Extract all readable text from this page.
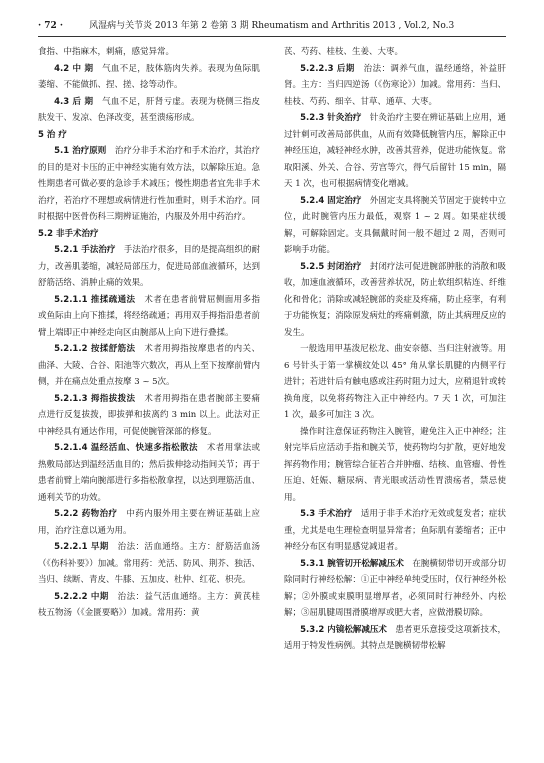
· 72 ·	风湿病与关节炎 2013 年第 2 卷第 3 期 Rheumatism and Arthritis 2013 , Vol.2, No.3

食指、中指麻木，刺痛，感觉异常。

4.2 中 期  气血不足，肢体筋肉失养。表现为鱼际肌萎缩、不能做抓、捏、搓、捻等动作。

4.3 后 期  气血不足，肝肾亏虚。表现为桡侧三指皮肤发干、发凉、色泽改变，甚至溃疡形成。

5 治 疗

5.1 治疗原则  治疗分非手术治疗和手术治疗，其治疗的目的是对卡压的正中神经实施有效方法，以解除压迫。急性期患者可做必要的急诊手术减压；慢性期患者宜先非手术治疗，若治疗不理想或病情进行性加重时，则手术治疗。同时根据中医骨伤科三期辨证施治，内服及外用中药治疗。

5.2 非手术治疗

5.2.1 手法治疗  手法治疗很多，目的是提高组织的耐力，改善肌萎缩，减轻局部压力，促进局部血液循环，达到舒筋活络、消肿止痛的效果。

5.2.1.1 推揉疏通法  术者在患者前臂屈侧面用多指或鱼际由上向下推揉，将经络疏通；再用双手拇指沿患者前臂上端即正中神经走向区由腕部从上向下进行叠揉。

5.2.1.2 按揉舒筋法  术者用拇指按摩患者的内关、曲泽、大陵、合谷、阳池等穴数次，再从上至下按摩前臂内侧，并在痛点处重点按摩 3 ~ 5次。

5.2.1.3 拇指拔拨法  术者用拇指在患者腕部主要痛点进行反复拔拨，即拔弹和拔离约 3 min 以上。此法对正中神经具有通达作用，可促使腕管深部的修复。

5.2.1.4 温经活血、快速多指松散法  术者用掌法或热敷局部达到温经活血目的；然后拔伸捻动指间关节；再于患者前臂上端向腕部进行多指松散拿捏，以达到理筋活血、通利关节的功效。

5.2.2 药物治疗  中药内服外用主要在辨证基础上应用，治疗注意以通为用。

5.2.2.1 早期  治法：活血通络。主方：舒筋活血汤（《伤科补要》）加减。常用药：羌活、防风、荆芥、独活、当归、续断、青皮、牛膝、五加皮、杜仲、红花、枳壳。

5.2.2.2 中期  治法：益气活血通络。主方：黄芪桂枝五物汤（《金匮要略》）加减。常用药：黄

芪、芍药、桂枝、生姜、大枣。

5.2.2.3 后期  治法：调养气血，温经通络，补益肝肾。主方：当归四逆汤（《伤寒论》）加减。常用药：当归、桂枝、芍药、细辛、甘草、通草、大枣。

5.2.3 针灸治疗  针灸治疗主要在辨证基础上应用，通过针刺可改善局部供血，从而有效降低腕管内压，解除正中神经压迫，减轻神经水肿，改善其营养，促进功能恢复。常取阳溪、外关、合谷、劳宫等穴，得气后留针 15 min，隔天 1 次，也可根据病情变化增减。

5.2.4 固定治疗  外固定支具将腕关节固定于旋转中立位，此时腕管内压力最低，观察 1 ~ 2 周。如果症状缓解，可解除固定。支具佩戴时间一般不超过 2 周，否则可影响手功能。

5.2.5 封闭治疗  封闭疗法可促进腕部肿胀的消散和吸收，加速血液循环，改善营养状况，防止软组织粘连、纤维化和骨化；消除或减轻腕部的炎症及疼痛，防止痉挛，有利于功能恢复；消除原发病灶的疼痛刺激，防止其病理反应的发生。

一般选用甲基泼尼松龙、曲安奈德、当归注射液等。用 6 号针头于第一掌横纹处以 45° 角从掌长肌腱的内侧平行进针；若进针后有触电感或注药时阻力过大，应稍退针或转换角度，以免将药物注入正中神经内。7 天 1 次，可加注 1 次，最多可加注 3 次。

操作时注意保证药物注入腕管，避免注入正中神经；注射完毕后应活动手指和腕关节，使药物均匀扩散，更好地发挥药物作用；腕管综合征若合并肿瘤、结核、血管瘤、骨性压迫、妊娠、糖尿病、青光眼或活动性胃溃疡者，禁忌使用。

5.3 手术治疗  适用于非手术治疗无效或复发者；症状重，尤其是电生理检查明显异常者；鱼际肌有萎缩者；正中神经分布区有明显感觉减退者。

5.3.1 腕管切开松解减压术  在腕横韧带切开或部分切除同时行神经松解：①正中神经单纯受压时，仅行神经外松解；②外膜或束膜明显增厚者，必须同时行神经外、内松解；③屈肌腱周围滑膜增厚或肥大者，应做滑膜切除。

5.3.2 内镜松解减压术  患者更乐意接受这项新技术，适用于特发性病例。其特点是腕横韧带松解
